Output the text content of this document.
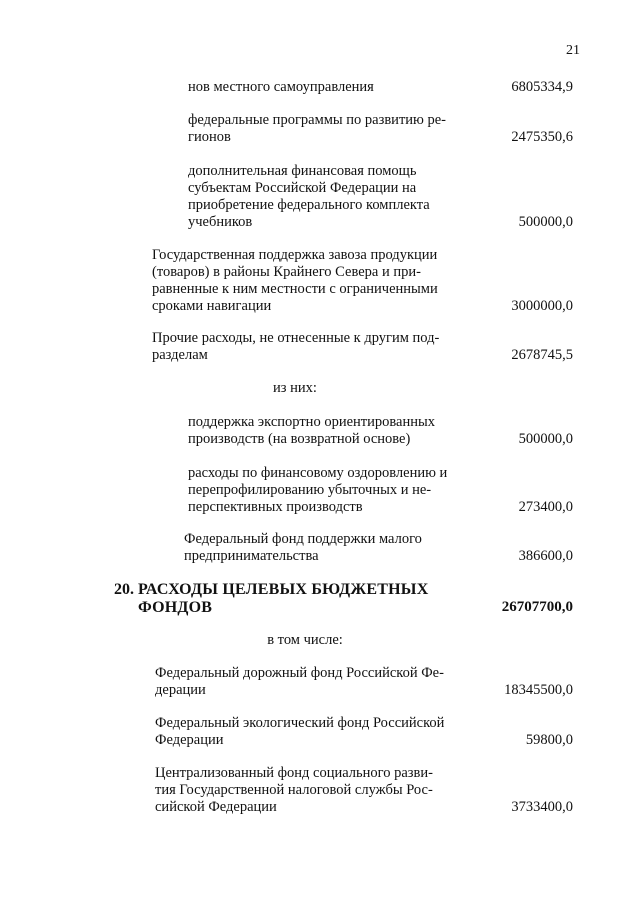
21
нов местного самоуправления	6805334,9
федеральные программы по развитию ре-
гионов	2475350,6
дополнительная финансовая помощь
субъектам Российской Федерации на
приобретение федерального комплекта
учебников	500000,0
Государственная поддержка завоза продукции
(товаров) в районы Крайнего Севера и при-
равненные к ним местности с ограниченными
сроками навигации	3000000,0
Прочие расходы, не отнесенные к другим под-
разделам	2678745,5
из них:
поддержка экспортно ориентированных
производств (на возвратной основе)	500000,0
расходы по финансовому оздоровлению и
перепрофилированию убыточных и не-
перспективных производств	273400,0
Федеральный фонд поддержки малого
предпринимательства	386600,0
20. РАСХОДЫ ЦЕЛЕВЫХ БЮДЖЕТНЫХ
ФОНДОВ	26707700,0
в том числе:
Федеральный дорожный фонд Российской Фе-
дерации	18345500,0
Федеральный экологический фонд Российской
Федерации	59800,0
Централизованный фонд социального разви-
тия Государственной налоговой службы Рос-
сийской Федерации	3733400,0
